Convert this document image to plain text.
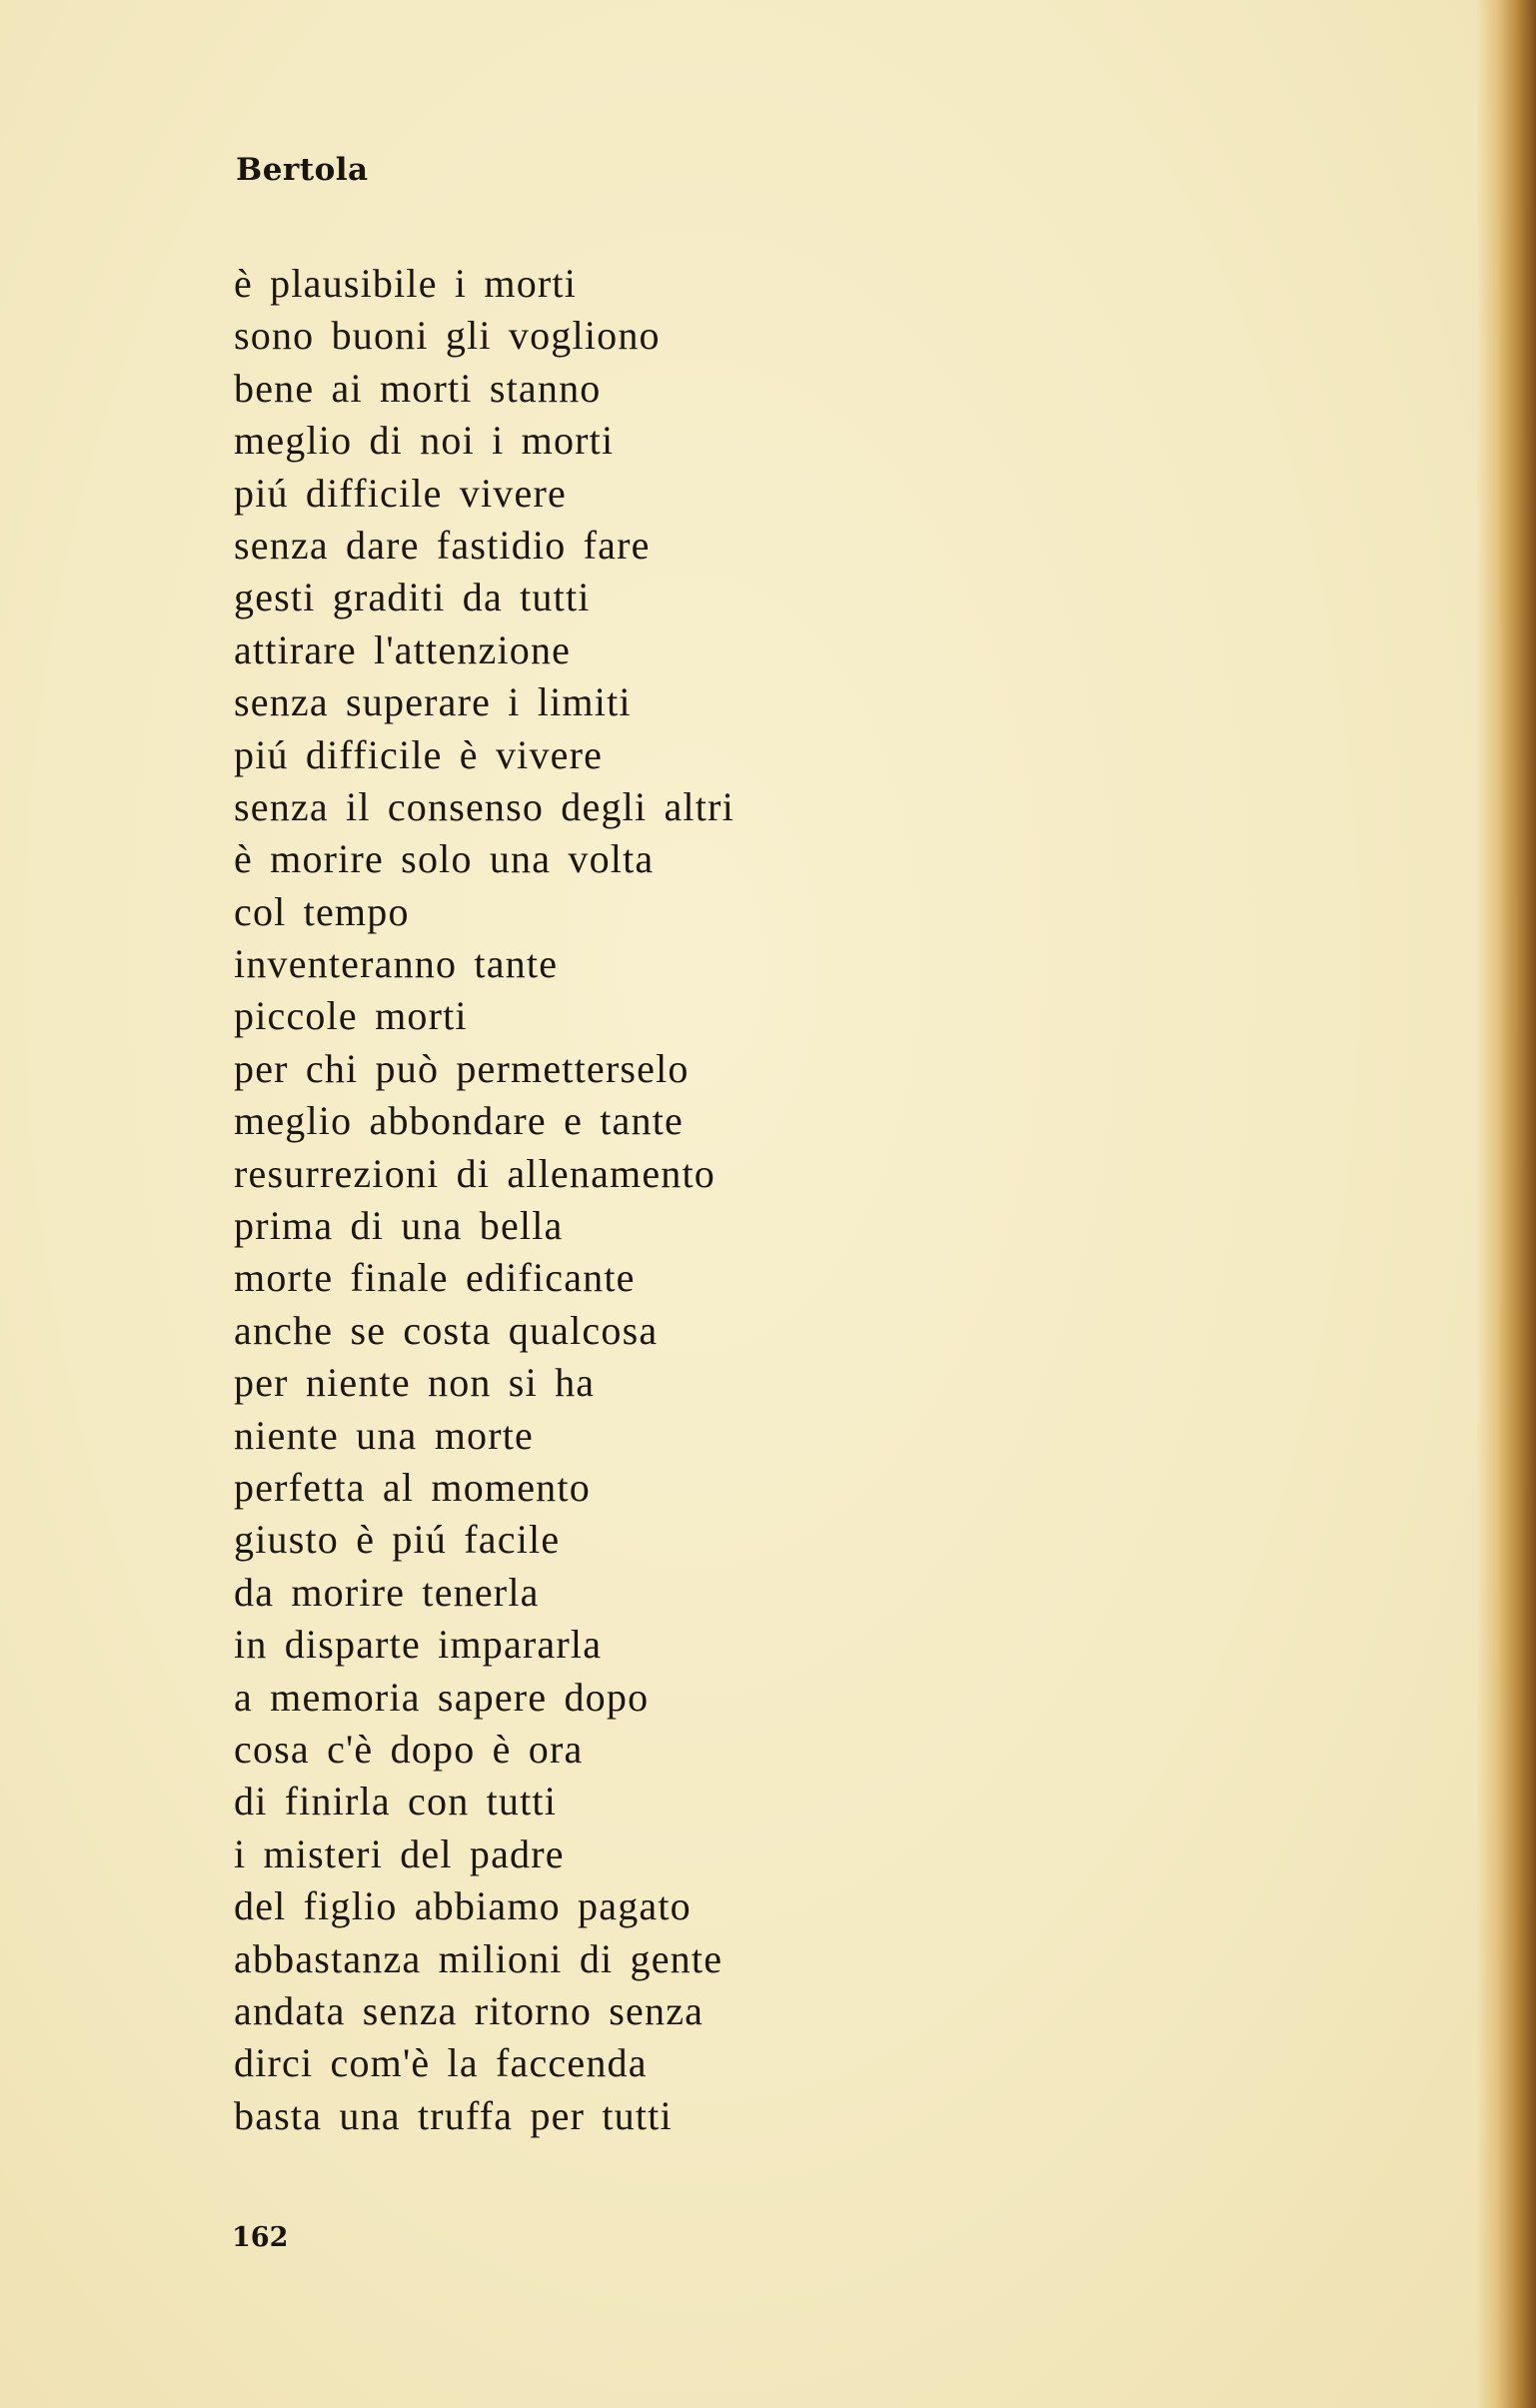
Bertola
è plausibile i morti
sono buoni gli vogliono
bene ai morti stanno
meglio di noi i morti
piú difficile vivere
senza dare fastidio fare
gesti graditi da tutti
attirare l'attenzione
senza superare i limiti
piú difficile è vivere
senza il consenso degli altri
è morire solo una volta
col tempo
inventeranno tante
piccole morti
per chi può permetterselo
meglio abbondare e tante
resurrezioni di allenamento
prima di una bella
morte finale edificante
anche se costa qualcosa
per niente non si ha
niente una morte
perfetta al momento
giusto è piú facile
da morire tenerla
in disparte impararla
a memoria sapere dopo
cosa c'è dopo è ora
di finirla con tutti
i misteri del padre
del figlio abbiamo pagato
abbastanza milioni di gente
andata senza ritorno senza
dirci com'è la faccenda
basta una truffa per tutti
162
